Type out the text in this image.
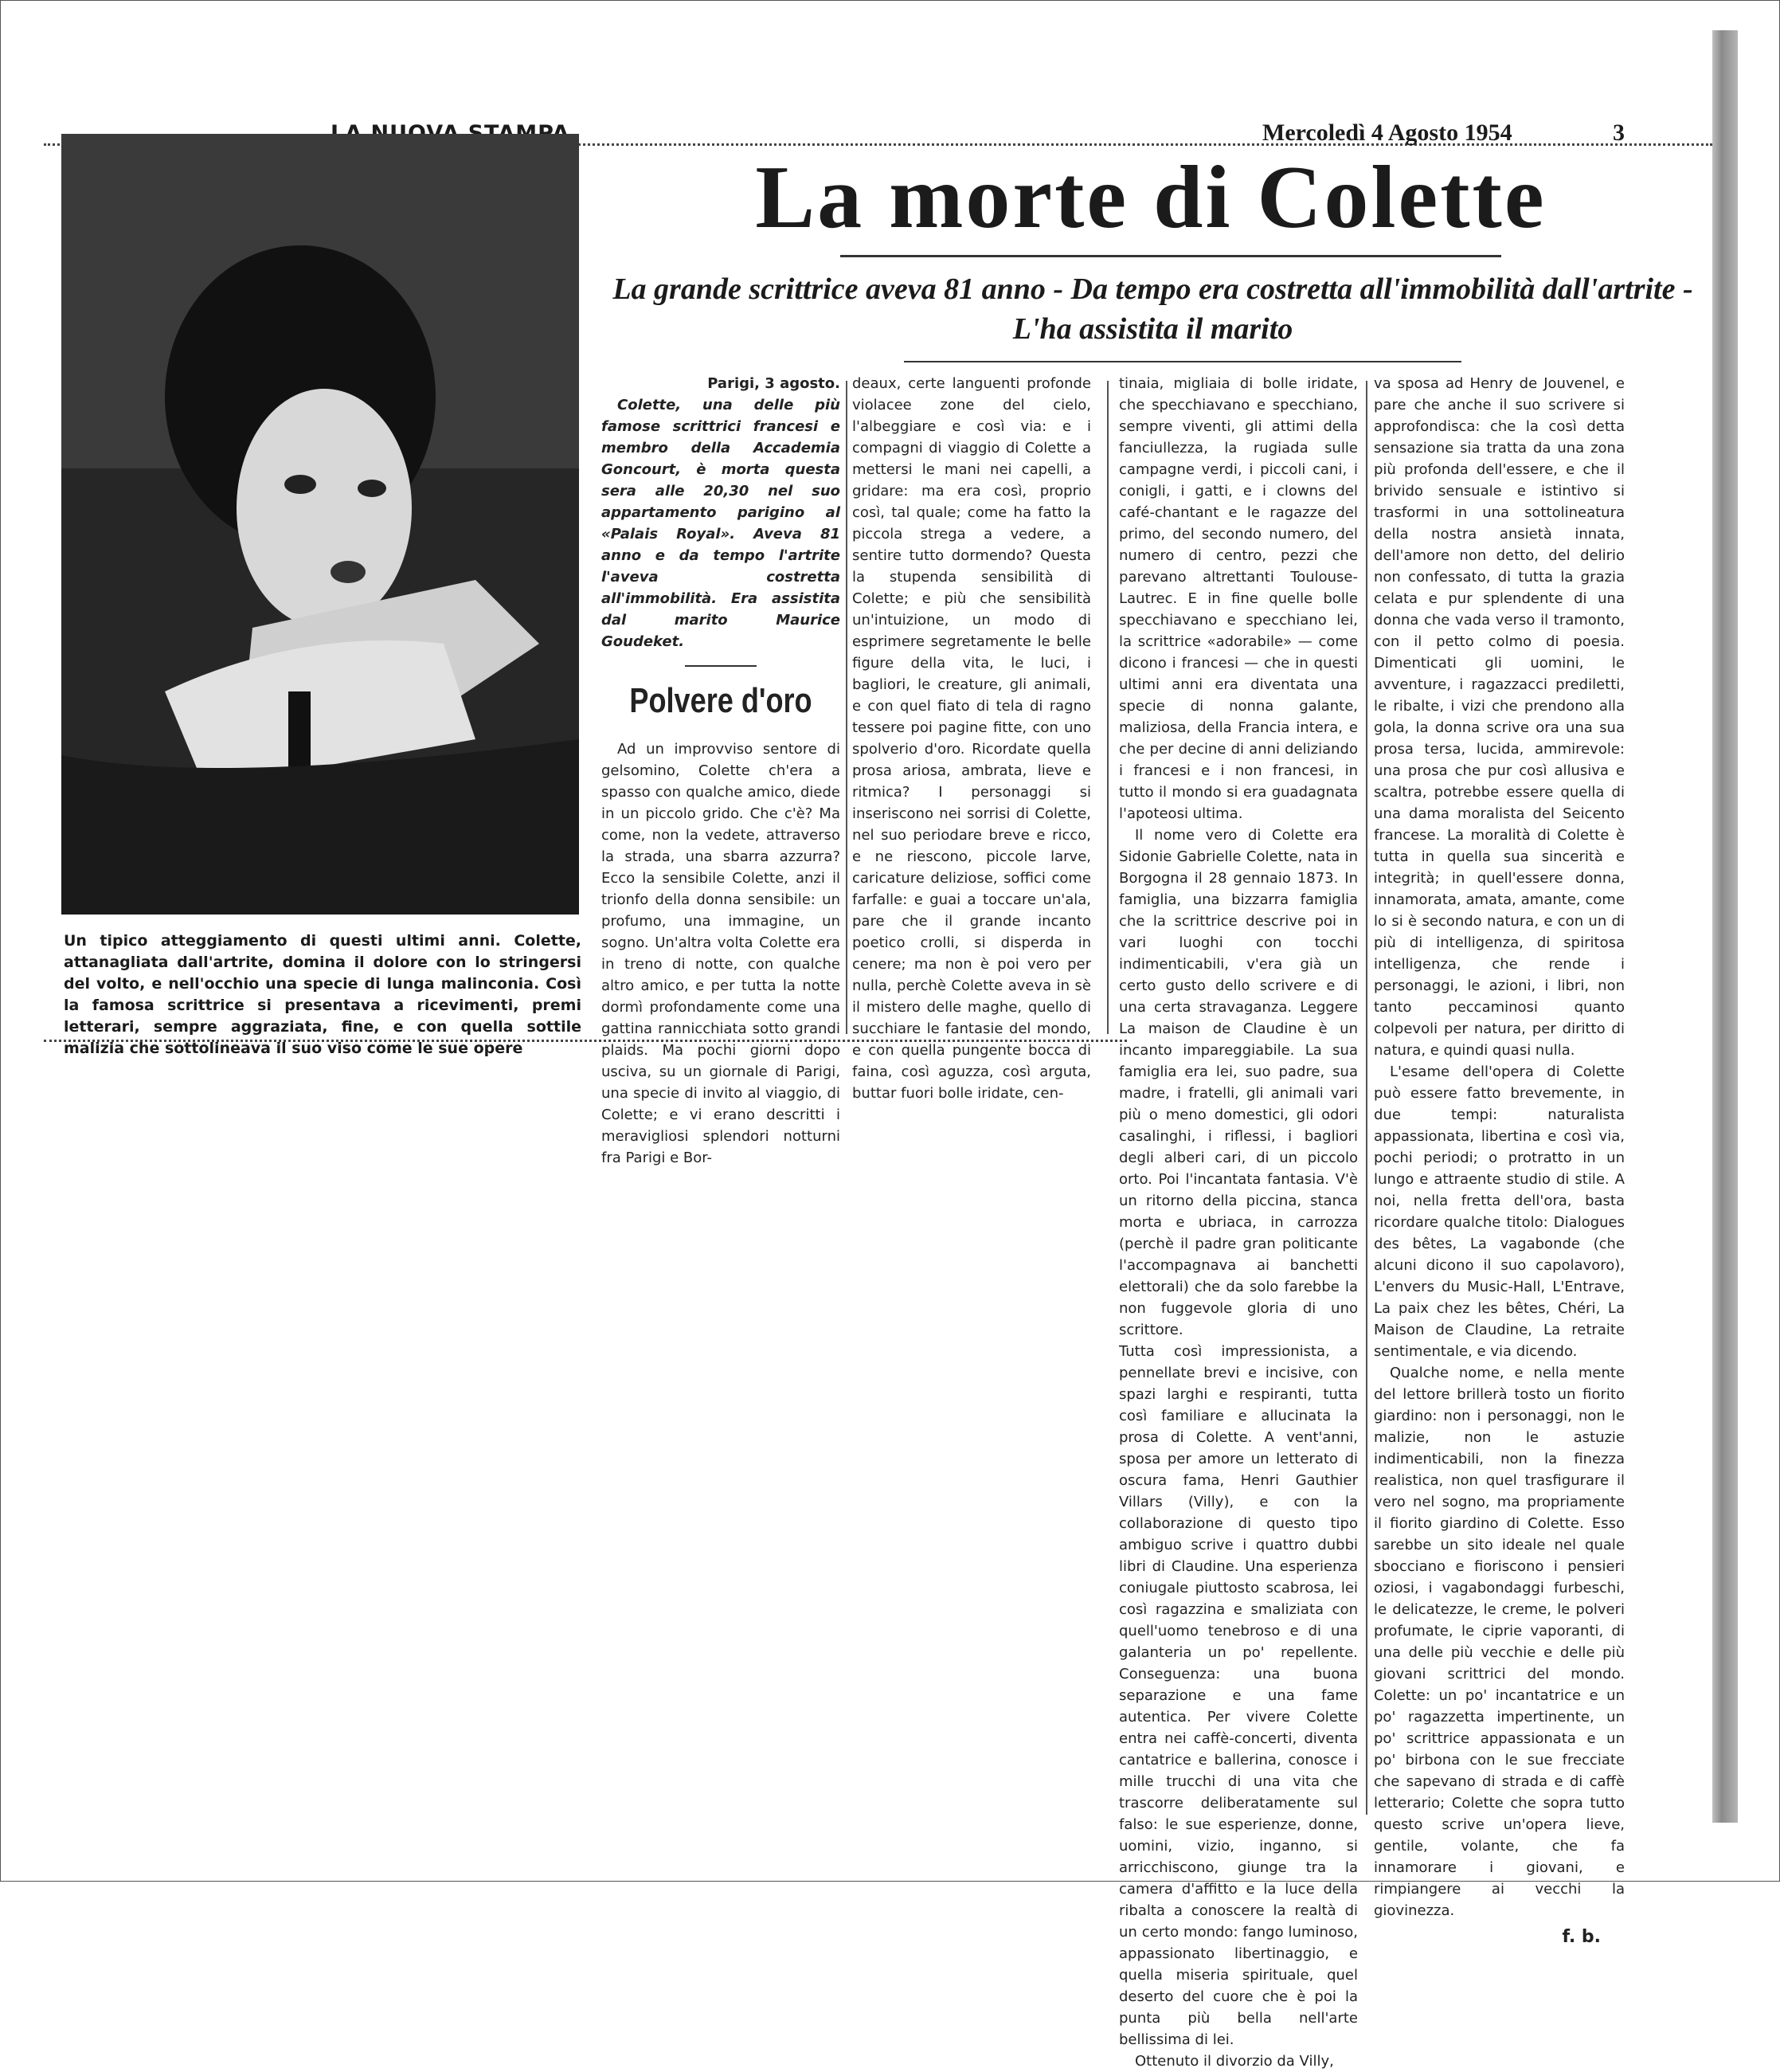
Mercoledì 4 Agosto 1954	3
Un tipico atteggiamento di questi ultimi anni. Colette, attanagliata dall'artrite, domina il dolore con lo stringersi del volto, e nell'occhio una specie di lunga malinconia. Così la famosa scrittrice si presentava a ricevimenti, premi letterari, sempre aggraziata, fine, e con quella sottile malizia che sottolineava il suo viso come le sue opere
La morte di Colette
La grande scrittrice aveva 81 anno - Da tempo era costretta all'immobilità dall'artrite - L'ha assistita il marito
Parigi, 3 agosto.

Colette, una delle più famose scrittrici francesi e membro della Accademia Goncourt, è morta questa sera alle 20,30 nel suo appartamento parigino al «Palais Royal». Aveva 81 anno e da tempo l'artrite l'aveva costretta all'immobilità. Era assistita dal marito Maurice Goudeket.

Polvere d'oro

Ad un improvviso sentore di gelsomino, Colette ch'era a spasso con qualche amico, diede in un piccolo grido. Che c'è? Ma come, non la vedete, attraverso la strada, una sbarra azzurra? Ecco la sensibile Colette, anzi il trionfo della donna sensibile: un profumo, una immagine, un sogno. Un'altra volta Colette era in treno di notte, con qualche altro amico, e per tutta la notte dormì profondamente come una gattina rannicchiata sotto grandi plaids. Ma pochi giorni dopo usciva, su un giornale di Parigi, una specie di invito al viaggio, di Colette; e vi erano descritti i meravigliosi splendori notturni fra Parigi e Bor-

deaux, certe languenti profonde violacee zone del cielo, l'albeggiare e così via: e i compagni di viaggio di Colette a mettersi le mani nei capelli, a gridare: ma era così, proprio così, tal quale; come ha fatto la piccola strega a vedere, a sentire tutto dormendo? Questa la stupenda sensibilità di Colette; e più che sensibilità un'intuizione, un modo di esprimere segretamente le belle figure della vita, le luci, i bagliori, le creature, gli animali, e con quel fiato di tela di ragno tessere poi pagine fitte, con uno spolverio d'oro. Ricordate quella prosa ariosa, ambrata, lieve e ritmica? I personaggi si inseriscono nei sorrisi di Colette, nel suo periodare breve e ricco, e ne riescono, piccole larve, caricature deliziose, soffici come farfalle: e guai a toccare un'ala, pare che il grande incanto poetico crolli, si disperda in cenere; ma non è poi vero per nulla, perchè Colette aveva in sè il mistero delle maghe, quello di succhiare le fantasie del mondo, e con quella pungente bocca di faina, così aguzza, così arguta, buttar fuori bolle iridate, cen-

tinaia, migliaia di bolle iridate, che specchiavano e specchiano, sempre viventi, gli attimi della fanciullezza, la rugiada sulle campagne verdi, i piccoli cani, i conigli, i gatti, e i clowns del café-chantant e le ragazze del primo, del secondo numero, del numero di centro, pezzi che parevano altrettanti Toulouse-Lautrec. E in fine quelle bolle specchiavano e specchiano lei, la scrittrice «adorabile» — come dicono i francesi — che in questi ultimi anni era diventata una specie di nonna galante, maliziosa, della Francia intera, e che per decine di anni deliziando i francesi e i non francesi, in tutto il mondo si era guadagnata l'apoteosi ultima.

Il nome vero di Colette era Sidonie Gabrielle Colette, nata in Borgogna il 28 gennaio 1873. In famiglia, una bizzarra famiglia che la scrittrice descrive poi in vari luoghi con tocchi indimenticabili, v'era già un certo gusto dello scrivere e di una certa stravaganza. Leggere La maison de Claudine è un incanto impareggiabile. La sua famiglia era lei, suo padre, sua madre, i fratelli, gli animali vari più o meno domestici, gli odori casalinghi, i riflessi, i bagliori degli alberi cari, di un piccolo orto. Poi l'incantata fantasia. V'è un ritorno della piccina, stanca morta e ubriaca, in carrozza (perchè il padre gran politicante l'accompagnava ai banchetti elettorali) che da solo farebbe la non fuggevole gloria di uno scrittore.

Tutta così impressionista, a pennellate brevi e incisive, con spazi larghi e respiranti, tutta così familiare e allucinata la prosa di Colette. A vent'anni, sposa per amore un letterato di oscura fama, Henri Gauthier Villars (Villy), e con la collaborazione di questo tipo ambiguo scrive i quattro dubbi libri di Claudine. Una esperienza coniugale piuttosto scabrosa, lei così ragazzina e smaliziata con quell'uomo tenebroso e di una galanteria un po' repellente. Conseguenza: una buona separazione e una fame autentica. Per vivere Colette entra nei caffè-concerti, diventa cantatrice e ballerina, conosce i mille trucchi di una vita che trascorre deliberatamente sul falso: le sue esperienze, donne, uomini, vizio, inganno, si arricchiscono, giunge tra la camera d'affitto e la luce della ribalta a conoscere la realtà di un certo mondo: fango luminoso, appassionato libertinaggio, e quella miseria spirituale, quel deserto del cuore che è poi la punta più bella nell'arte bellissima di lei.

Ottenuto il divorzio da Villy,

va sposa ad Henry de Jouvenel, e pare che anche il suo scrivere si approfondisca: che la così detta sensazione sia tratta da una zona più profonda dell'essere, e che il brivido sensuale e istintivo si trasformi in una sottolineatura della nostra ansietà innata, dell'amore non detto, del delirio non confessato, di tutta la grazia celata e pur splendente di una donna che vada verso il tramonto, con il petto colmo di poesia. Dimenticati gli uomini, le avventure, i ragazzacci prediletti, le ribalte, i vizi che prendono alla gola, la donna scrive ora una sua prosa tersa, lucida, ammirevole: una prosa che pur così allusiva e scaltra, potrebbe essere quella di una dama moralista del Seicento francese. La moralità di Colette è tutta in quella sua sincerità e integrità; in quell'essere donna, innamorata, amata, amante, come lo si è secondo natura, e con un di più di intelligenza, di spiritosa intelligenza, che rende i personaggi, le azioni, i libri, non tanto peccaminosi quanto colpevoli per natura, per diritto di natura, e quindi quasi nulla.

L'esame dell'opera di Colette può essere fatto brevemente, in due tempi: naturalista appassionata, libertina e così via, pochi periodi; o protratto in un lungo e attraente studio di stile. A noi, nella fretta dell'ora, basta ricordare qualche titolo: Dialogues des bêtes, La vagabonde (che alcuni dicono il suo capolavoro), L'envers du Music-Hall, L'Entrave, La paix chez les bêtes, Chéri, La Maison de Claudine, La retraite sentimentale, e via dicendo.

Qualche nome, e nella mente del lettore brillerà tosto un fiorito giardino: non i personaggi, non le malizie, non le astuzie indimenticabili, non la finezza realistica, non quel trasfigurare il vero nel sogno, ma propriamente il fiorito giardino di Colette. Esso sarebbe un sito ideale nel quale sbocciano e fioriscono i pensieri oziosi, i vagabondaggi furbeschi, le delicatezze, le creme, le polveri profumate, le ciprie vaporanti, di una delle più vecchie e delle più giovani scrittrici del mondo. Colette: un po' incantatrice e un po' ragazzetta impertinente, un po' scrittrice appassionata e un po' birbona con le sue frecciate che sapevano di strada e di caffè letterario; Colette che sopra tutto questo scrive un'opera lieve, gentile, volante, che fa innamorare i giovani, e rimpiangere ai vecchi la giovinezza.

f. b.
